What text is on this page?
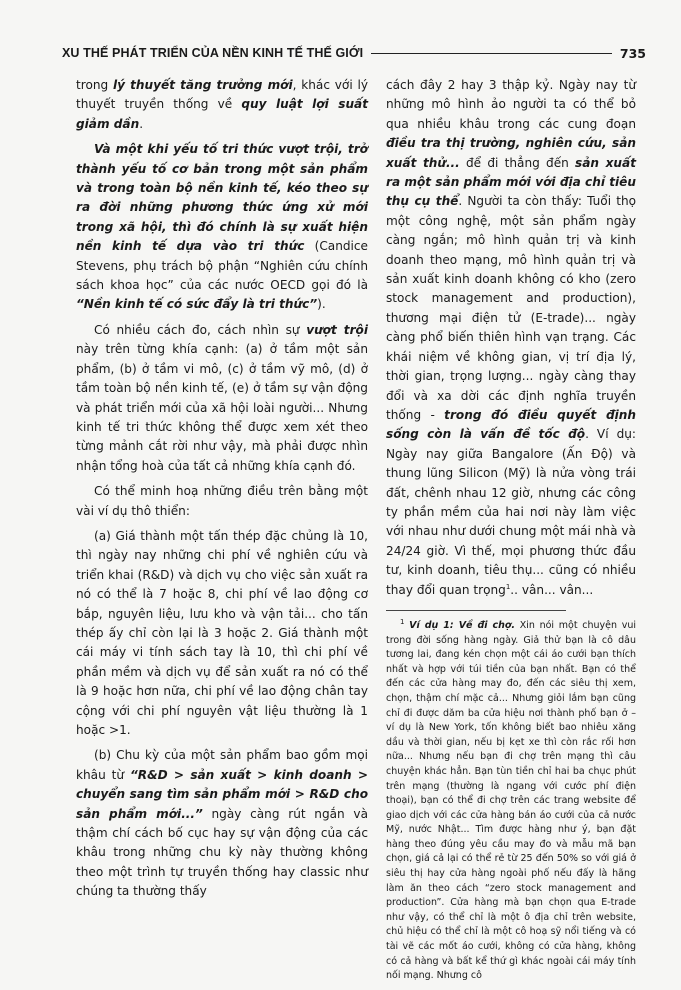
XU THẾ PHÁT TRIỂN CỦA NỀN KINH TẾ THẾ GIỚI	735

trong lý thuyết tăng trưởng mới, khác với lý thuyết truyền thống về quy luật lợi suất giảm dần.

Và một khi yếu tố tri thức vượt trội, trở thành yếu tố cơ bản trong một sản phẩm và trong toàn bộ nền kinh tế, kéo theo sự ra đời những phương thức ứng xử mới trong xã hội, thì đó chính là sự xuất hiện nền kinh tế dựa vào tri thức (Candice Stevens, phụ trách bộ phận “Nghiên cứu chính sách khoa học” của các nước OECD gọi đó là “Nền kinh tế có sức đẩy là tri thức”).

Có nhiều cách đo, cách nhìn sự vượt trội này trên từng khía cạnh: (a) ở tầm một sản phẩm, (b) ở tầm vi mô, (c) ở tầm vỹ mô, (d) ở tầm toàn bộ nền kinh tế, (e) ở tầm sự vận động và phát triển mới của xã hội loài người... Nhưng kinh tế tri thức không thể được xem xét theo từng mảnh cắt rời như vậy, mà phải được nhìn nhận tổng hoà của tất cả những khía cạnh đó.

Có thể minh hoạ những điều trên bằng một vài ví dụ thô thiển:

(a) Giá thành một tấn thép đặc chủng là 10, thì ngày nay những chi phí về nghiên cứu và triển khai (R&D) và dịch vụ cho việc sản xuất ra nó có thể là 7 hoặc 8, chi phí về lao động cơ bắp, nguyên liệu, lưu kho và vận tải... cho tấn thép ấy chỉ còn lại là 3 hoặc 2. Giá thành một cái máy vi tính sách tay là 10, thì chi phí về phần mềm và dịch vụ để sản xuất ra nó có thể là 9 hoặc hơn nữa, chi phí về lao động chân tay cộng với chi phí nguyên vật liệu thường là 1 hoặc >1.

(b) Chu kỳ của một sản phẩm bao gồm mọi khâu từ “R&D > sản xuất > kinh doanh > chuyển sang tìm sản phẩm mới > R&D cho sản phẩm mới...” ngày càng rút ngắn và thậm chí cách bố cục hay sự vận động của các khâu trong những chu kỳ này thường không theo một trình tự truyền thống hay classic như chúng ta thường thấy

cách đây 2 hay 3 thập kỷ. Ngày nay từ những mô hình ảo người ta có thể bỏ qua nhiều khâu trong các cung đoạn điều tra thị trường, nghiên cứu, sản xuất thử... để đi thẳng đến sản xuất ra một sản phẩm mới với địa chỉ tiêu thụ cụ thể. Người ta còn thấy: Tuổi thọ một công nghệ, một sản phẩm ngày càng ngắn; mô hình quản trị và kinh doanh theo mạng, mô hình quản trị và sản xuất kinh doanh không có kho (zero stock management and production), thương mại điện tử (E-trade)... ngày càng phổ biến thiên hình vạn trạng. Các khái niệm về không gian, vị trí địa lý, thời gian, trọng lượng... ngày càng thay đổi và xa dời các định nghĩa truyền thống - trong đó điều quyết định sống còn là vấn đề tốc độ. Ví dụ: Ngày nay giữa Bangalore (Ấn Độ) và thung lũng Silicon (Mỹ) là nửa vòng trái đất, chênh nhau 12 giờ, nhưng các công ty phần mềm của hai nơi này làm việc với nhau như dưới chung một mái nhà và 24/24 giờ. Vì thế, mọi phương thức đầu tư, kinh doanh, tiêu thụ... cũng có nhiều thay đổi quan trọng$^1$.. vân... vân...

$^1$ Ví dụ 1: Về đi chợ. Xin nói một chuyện vui trong đời sống hàng ngày. Giả thử bạn là cô dâu tương lai, đang kén chọn một cái áo cưới bạn thích nhất và hợp với túi tiền của bạn nhất. Bạn có thể đến các cửa hàng may đo, đến các siêu thị xem, chọn, thậm chí mặc cả... Nhưng giỏi lắm bạn cũng chỉ đi được dăm ba cửa hiệu nơi thành phố bạn ở – ví dụ là New York, tốn không biết bao nhiêu xăng dầu và thời gian, nếu bị kẹt xe thì còn rắc rối hơn nữa... Nhưng nếu bạn đi chợ trên mạng thì câu chuyện khác hẳn. Bạn tùn tiền chỉ hai ba chục phút trên mạng (thường là ngang với cước phí điện thoại), bạn có thể đi chợ trên các trang website để giao dịch với các cửa hàng bán áo cưới của cả nước Mỹ, nước Nhật... Tìm được hàng như ý, bạn đặt hàng theo đúng yêu cầu may đo và mẫu mã bạn chọn, giá cả lại có thể rẻ từ 25 đến 50% so với giá ở siêu thị hay cửa hàng ngoài phố nếu đấy là hãng làm ăn theo cách “zero stock management and production”. Cửa hàng mà bạn chọn qua E-trade như vậy, có thể chỉ là một ô địa chỉ trên website, chủ hiệu có thể chỉ là một cô hoạ sỹ nổi tiếng và có tài vẽ các mốt áo cưới, không có cửa hàng, không có cả hàng và bất kể thứ gì khác ngoài cái máy tính nối mạng. Nhưng cô
